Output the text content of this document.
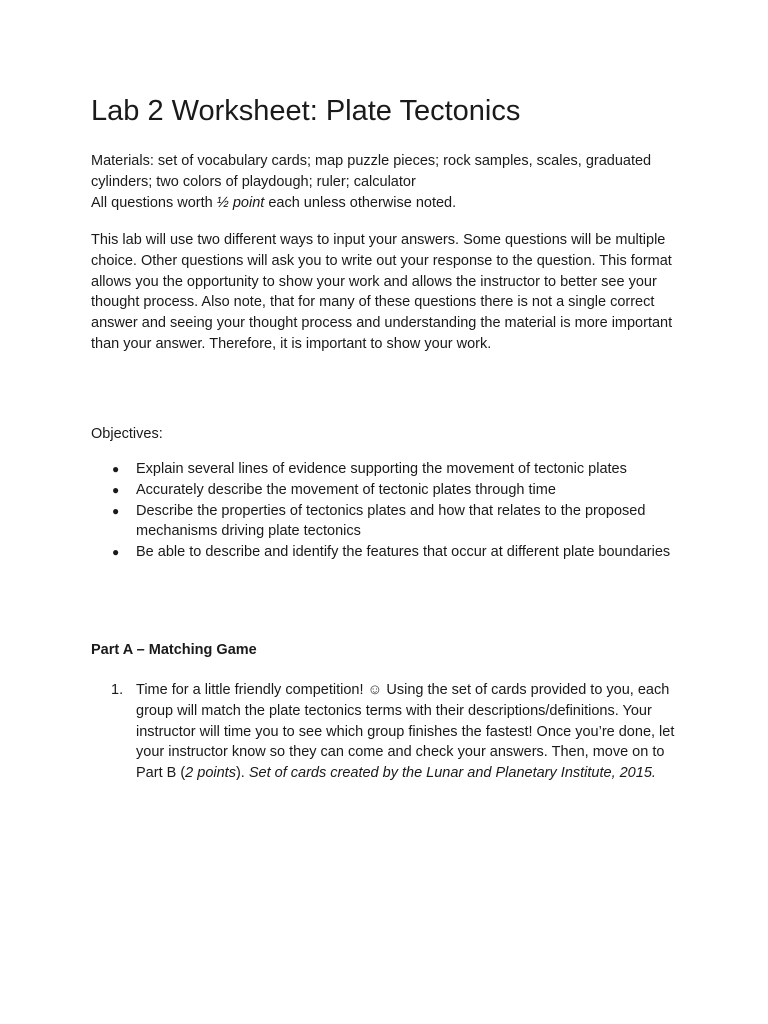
Lab 2 Worksheet: Plate Tectonics

Materials: set of vocabulary cards; map puzzle pieces; rock samples, scales, graduated cylinders; two colors of playdough; ruler; calculator

All questions worth ½ point each unless otherwise noted.

This lab will use two different ways to input your answers. Some questions will be multiple choice. Other questions will ask you to write out your response to the question. This format allows you the opportunity to show your work and allows the instructor to better see your thought process. Also note, that for many of these questions there is not a single correct answer and seeing your thought process and understanding the material is more important than your answer. Therefore, it is important to show your work.

Objectives:

● Explain several lines of evidence supporting the movement of tectonic plates
● Accurately describe the movement of tectonic plates through time
● Describe the properties of tectonics plates and how that relates to the proposed mechanisms driving plate tectonics
● Be able to describe and identify the features that occur at different plate boundaries

Part A – Matching Game

1. Time for a little friendly competition! ☺ Using the set of cards provided to you, each group will match the plate tectonics terms with their descriptions/definitions. Your instructor will time you to see which group finishes the fastest! Once you’re done, let your instructor know so they can come and check your answers. Then, move on to Part B (2 points). Set of cards created by the Lunar and Planetary Institute, 2015.
